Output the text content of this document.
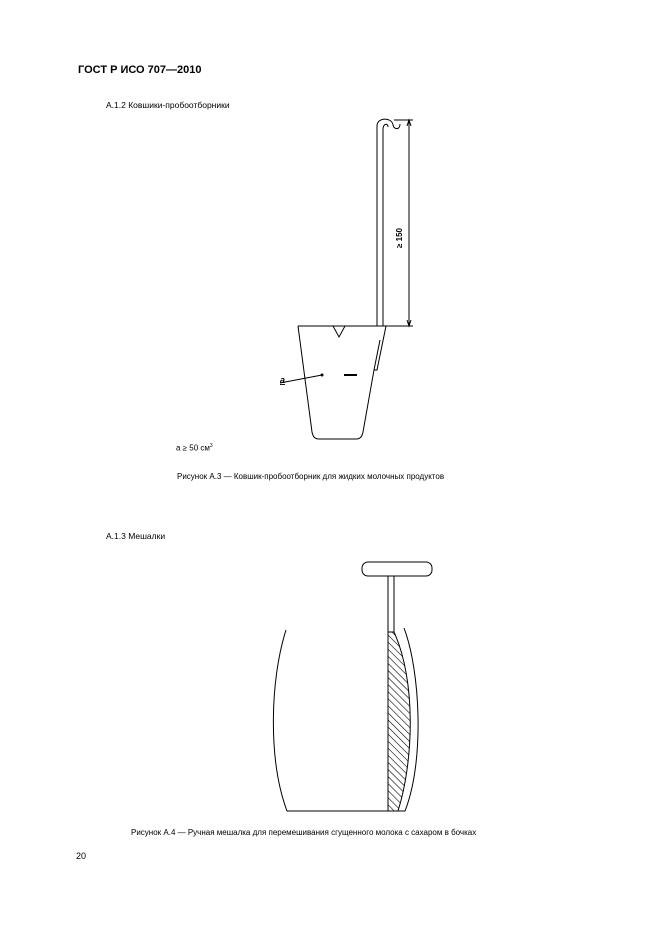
ГОСТ Р ИСО 707—2010
А.1.2 Ковшики-пробоотборники
≥ 150
a
a ≥ 50 $см^3$
Рисунок А.3 — Ковшик-пробоотборник для жидких молочных продуктов
А.1.3 Мешалки
Рисунок А.4 — Ручная мешалка для перемешивания сгущенного молока с сахаром в бочках
20
